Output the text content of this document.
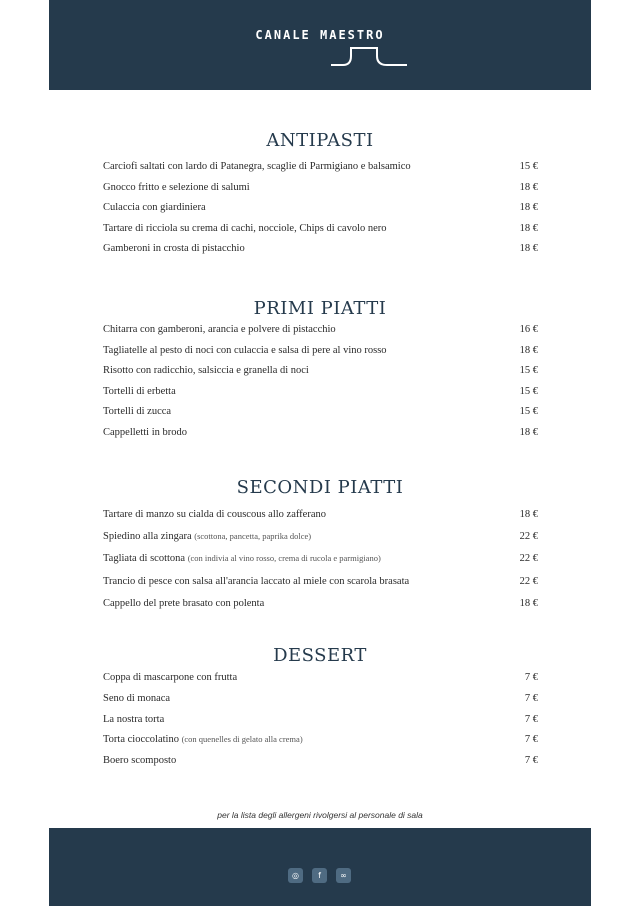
CANALE MAESTRO
ANTIPASTI
Carciofi saltati con lardo di Patanegra, scaglie di Parmigiano e balsamico	15 €
Gnocco fritto e selezione di salumi	18 €
Culaccia con giardiniera	18 €
Tartare di ricciola su crema di cachi, nocciole, Chips di cavolo nero	18 €
Gamberoni in crosta di pistacchio	18 €
PRIMI PIATTI
Chitarra con gamberoni, arancia e polvere di pistacchio	16 €
Tagliatelle al pesto di noci con culaccia e salsa di pere al vino rosso	18 €
Risotto con radicchio, salsiccia e granella di noci	15 €
Tortelli di erbetta	15 €
Tortelli di zucca	15 €
Cappelletti in brodo	18 €
SECONDI PIATTI
Tartare di manzo su cialda di couscous allo zafferano	18 €
Spiedino alla zingara (scottona, pancetta, paprika dolce)	22 €
Tagliata di scottona (con indivia al vino rosso, crema di rucola e parmigiano)	22 €
Trancio di pesce con salsa all'arancia laccato al miele con scarola brasata	22 €
Cappello del prete brasato con polenta	18 €
DESSERT
Coppa di mascarpone con frutta	7 €
Seno di monaca	7 €
La nostra torta	7 €
Torta cioccolatino (con quenelles di gelato alla crema)	7 €
Boero scomposto	7 €
per la lista degli allergeni rivolgersi al personale di sala
◎	f	∞
